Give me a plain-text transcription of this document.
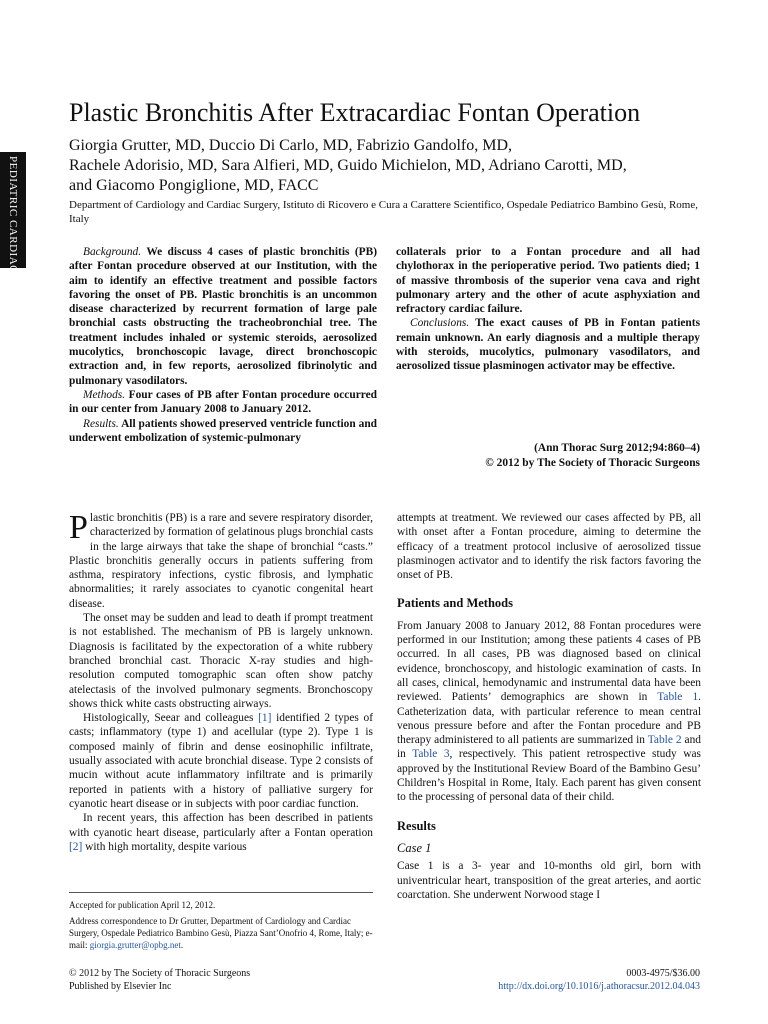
PEDIATRIC CARDIAC
Plastic Bronchitis After Extracardiac Fontan Operation
Giorgia Grutter, MD, Duccio Di Carlo, MD, Fabrizio Gandolfo, MD,
Rachele Adorisio, MD, Sara Alfieri, MD, Guido Michielon, MD, Adriano Carotti, MD,
and Giacomo Pongiglione, MD, FACC

Department of Cardiology and Cardiac Surgery, Istituto di Ricovero e Cura a Carattere Scientifico, Ospedale Pediatrico Bambino Gesù, Rome, Italy

Background. We discuss 4 cases of plastic bronchitis (PB) after Fontan procedure observed at our Institution, with the aim to identify an effective treatment and possible factors favoring the onset of PB. Plastic bronchitis is an uncommon disease characterized by recurrent formation of large pale bronchial casts obstructing the tracheobronchial tree. The treatment includes inhaled or systemic steroids, aerosolized mucolytics, bronchoscopic lavage, direct bronchoscopic extraction and, in few reports, aerosolized fibrinolytic and pulmonary vasodilators.

Methods. Four cases of PB after Fontan procedure occurred in our center from January 2008 to January 2012.

Results. All patients showed preserved ventricle function and underwent embolization of systemic-pulmonary

collaterals prior to a Fontan procedure and all had chylothorax in the perioperative period. Two patients died; 1 of massive thrombosis of the superior vena cava and right pulmonary artery and the other of acute asphyxiation and refractory cardiac failure.

Conclusions. The exact causes of PB in Fontan patients remain unknown. An early diagnosis and a multiple therapy with steroids, mucolytics, pulmonary vasodilators, and aerosolized tissue plasminogen activator may be effective.

(Ann Thorac Surg 2012;94:860–4)
© 2012 by The Society of Thoracic Surgeons

Plastic bronchitis (PB) is a rare and severe respiratory disorder, characterized by formation of gelatinous plugs bronchial casts in the large airways that take the shape of bronchial “casts.” Plastic bronchitis generally occurs in patients suffering from asthma, respiratory infections, cystic fibrosis, and lymphatic abnormalities; it rarely associates to cyanotic congenital heart disease.

The onset may be sudden and lead to death if prompt treatment is not established. The mechanism of PB is largely unknown. Diagnosis is facilitated by the expectoration of a white rubbery branched bronchial cast. Thoracic X-ray studies and high-resolution computed tomographic scan often show patchy atelectasis of the involved pulmonary segments. Bronchoscopy shows thick white casts obstructing airways.

Histologically, Seear and colleagues [1] identified 2 types of casts; inflammatory (type 1) and acellular (type 2). Type 1 is composed mainly of fibrin and dense eosinophilic infiltrate, usually associated with acute bronchial disease. Type 2 consists of mucin without acute inflammatory infiltrate and is primarily reported in patients with a history of palliative surgery for cyanotic heart disease or in subjects with poor cardiac function.

In recent years, this affection has been described in patients with cyanotic heart disease, particularly after a Fontan operation [2] with high mortality, despite various

attempts at treatment. We reviewed our cases affected by PB, all with onset after a Fontan procedure, aiming to determine the efficacy of a treatment protocol inclusive of aerosolized tissue plasminogen activator and to identify the risk factors favoring the onset of PB.

Patients and Methods

From January 2008 to January 2012, 88 Fontan procedures were performed in our Institution; among these patients 4 cases of PB occurred. In all cases, PB was diagnosed based on clinical evidence, bronchoscopy, and histologic examination of casts. In all cases, clinical, hemodynamic and instrumental data have been reviewed. Patients’ demographics are shown in Table 1. Catheterization data, with particular reference to mean central venous pressure before and after the Fontan procedure and PB therapy administered to all patients are summarized in Table 2 and in Table 3, respectively. This patient retrospective study was approved by the Institutional Review Board of the Bambino Gesu’ Children’s Hospital in Rome, Italy. Each parent has given consent to the processing of personal data of their child.

Results
Case 1

Case 1 is a 3- year and 10-months old girl, born with univentricular heart, transposition of the great arteries, and aortic coarctation. She underwent Norwood stage I

Accepted for publication April 12, 2012.

Address correspondence to Dr Grutter, Department of Cardiology and Cardiac Surgery, Ospedale Pediatrico Bambino Gesù, Piazza Sant’Onofrio 4, Rome, Italy; e-mail: giorgia.grutter@opbg.net.

© 2012 by The Society of Thoracic Surgeons
Published by Elsevier Inc
0003-4975/$36.00
http://dx.doi.org/10.1016/j.athoracsur.2012.04.043
